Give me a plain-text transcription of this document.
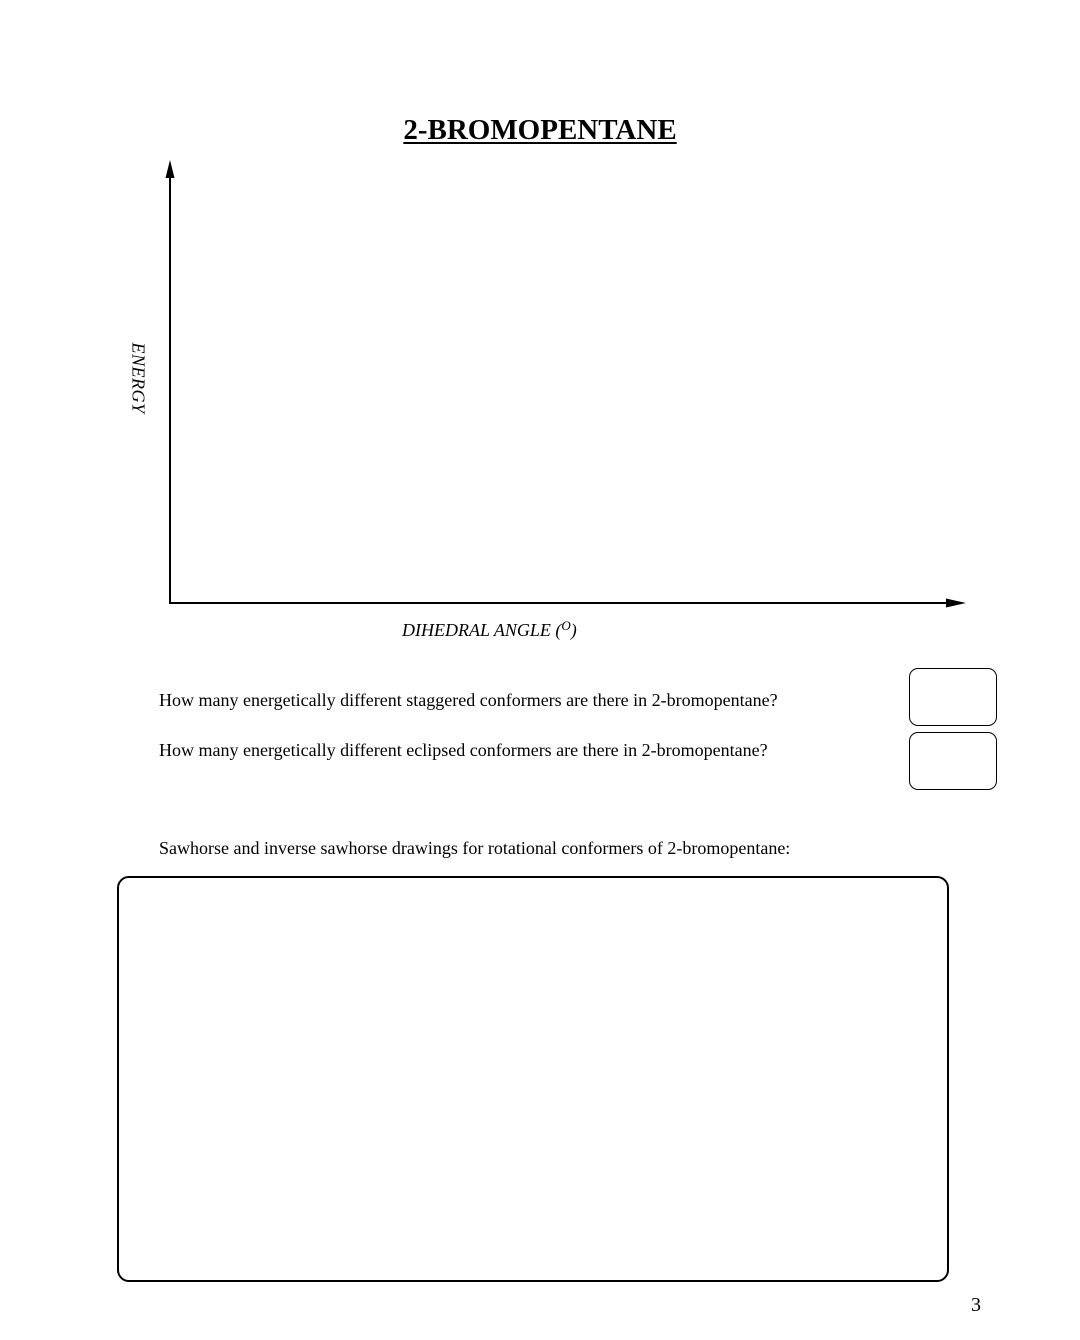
2-BROMOPENTANE
ENERGY
DIHEDRAL ANGLE ($^O$)
How many energetically different staggered conformers are there in 2-bromopentane?
How many energetically different eclipsed conformers are there in 2-bromopentane?
Sawhorse and inverse sawhorse drawings for rotational conformers of 2-bromopentane:
3
